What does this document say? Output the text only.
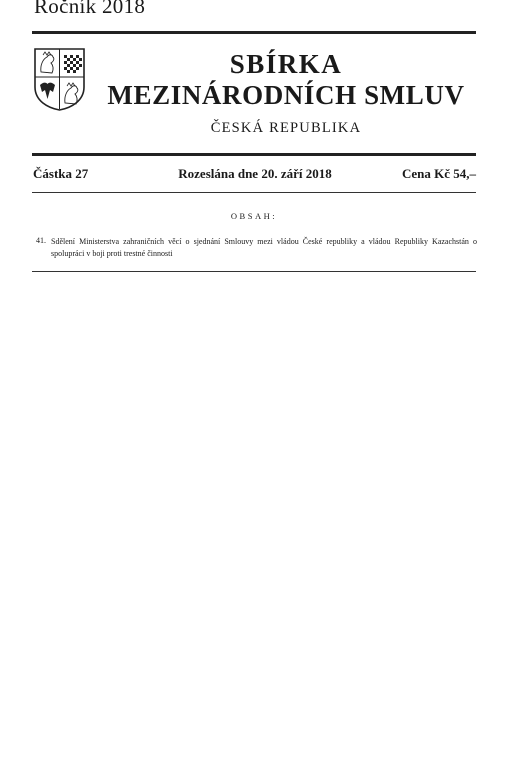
Ročník 2018
SBÍRKA
MEZINÁRODNÍCH SMLUV
ČESKÁ REPUBLIKA
Částka 27	Rozeslána dne 20. září 2018	Cena Kč 54,–
OBSAH:
41. Sdělení Ministerstva zahraničních věcí o sjednání Smlouvy mezi vládou České republiky a vládou Republiky Kazachstán o spolupráci v boji proti trestné činnosti
